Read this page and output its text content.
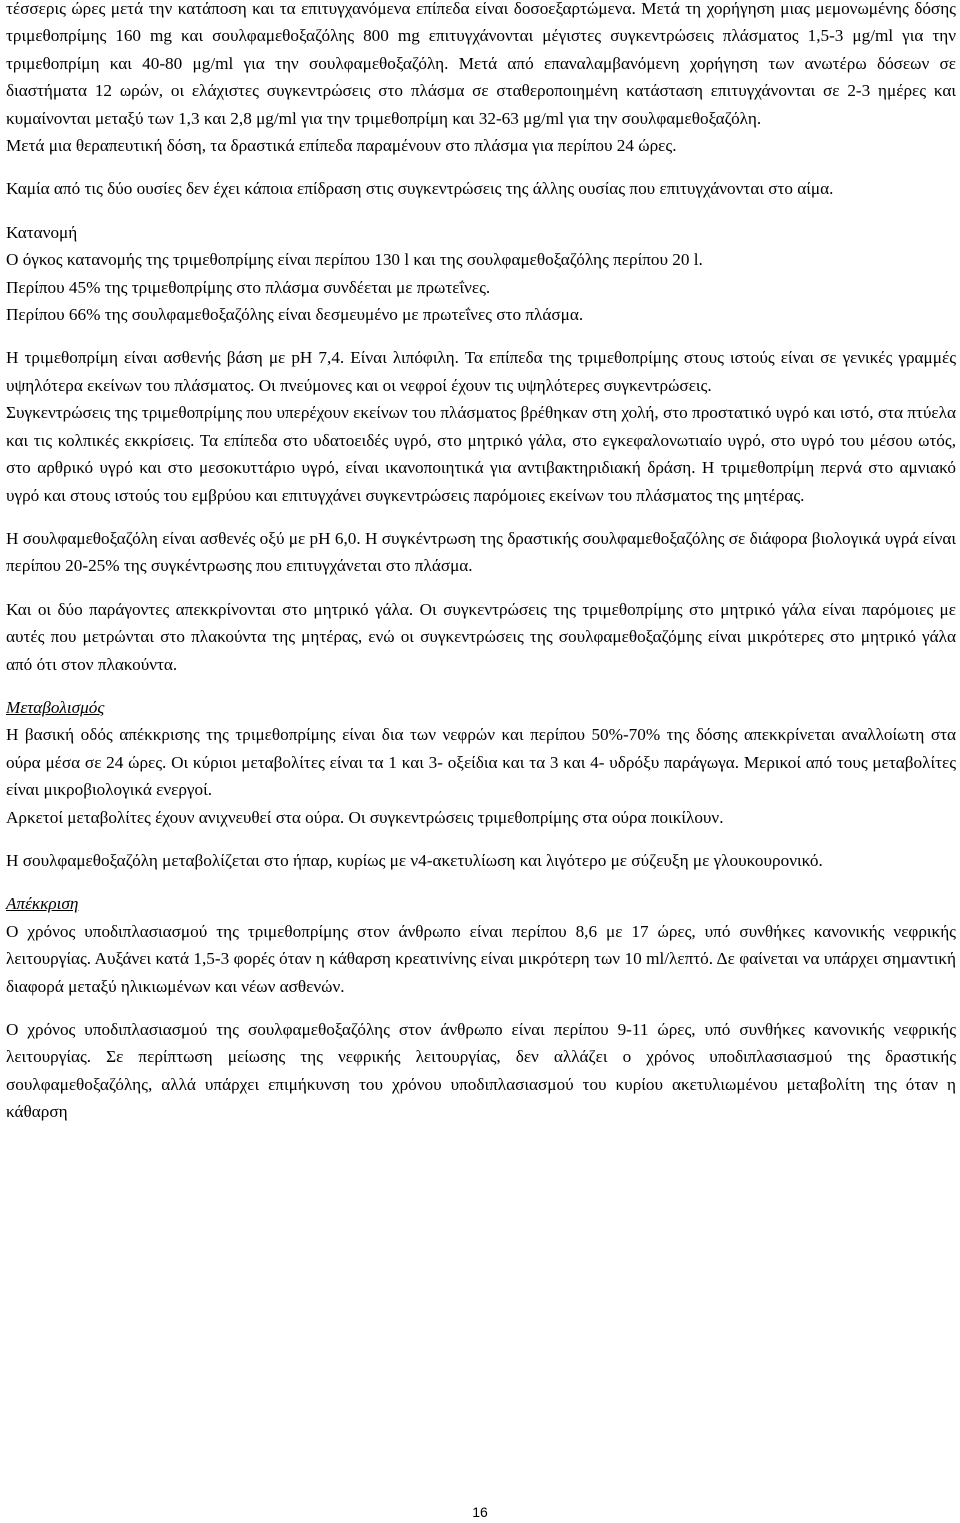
τέσσερις ώρες μετά την κατάποση και τα επιτυγχανόμενα επίπεδα είναι δοσοεξαρτώμενα. Μετά τη χορήγηση μιας μεμονωμένης δόσης τριμεθοπρίμης 160 mg και σουλφαμεθοξαζόλης 800 mg επιτυγχάνονται μέγιστες συγκεντρώσεις πλάσματος 1,5-3 μg/ml για την τριμεθοπρίμη και 40-80 μg/ml για την σουλφαμεθοξαζόλη. Μετά από επαναλαμβανόμενη χορήγηση των ανωτέρω δόσεων σε διαστήματα 12 ωρών, οι ελάχιστες συγκεντρώσεις στο πλάσμα σε σταθεροποιημένη κατάσταση επιτυγχάνονται σε 2-3 ημέρες και κυμαίνονται μεταξύ των 1,3 και 2,8 μg/ml για την τριμεθοπρίμη και 32-63 μg/ml για την σουλφαμεθοξαζόλη.

Μετά μια θεραπευτική δόση, τα δραστικά επίπεδα παραμένουν στο πλάσμα για περίπου 24 ώρες.

Καμία από τις δύο ουσίες δεν έχει κάποια επίδραση στις συγκεντρώσεις της άλλης ουσίας που επιτυγχάνονται στο αίμα.

Κατανομή

Ο όγκος κατανομής της τριμεθοπρίμης είναι περίπου 130 l και της σουλφαμεθοξαζόλης περίπου 20 l.

Περίπου 45% της τριμεθοπρίμης στο πλάσμα συνδέεται με πρωτεΐνες.

Περίπου 66% της σουλφαμεθοξαζόλης είναι δεσμευμένο με πρωτεΐνες στο πλάσμα.

Η τριμεθοπρίμη είναι ασθενής βάση με pH 7,4. Είναι λιπόφιλη. Τα επίπεδα της τριμεθοπρίμης στους ιστούς είναι σε γενικές γραμμές υψηλότερα εκείνων του πλάσματος. Οι πνεύμονες και οι νεφροί έχουν τις υψηλότερες συγκεντρώσεις.

Συγκεντρώσεις της τριμεθοπρίμης που υπερέχουν εκείνων του πλάσματος βρέθηκαν στη χολή, στο προστατικό υγρό και ιστό, στα πτύελα και τις κολπικές εκκρίσεις. Τα επίπεδα στο υδατοειδές υγρό, στο μητρικό γάλα, στο εγκεφαλονωτιαίο υγρό, στο υγρό του μέσου ωτός, στο αρθρικό υγρό και στο μεσοκυττάριο υγρό, είναι ικανοποιητικά για αντιβακτηριδιακή δράση. Η τριμεθοπρίμη περνά στο αμνιακό υγρό και στους ιστούς του εμβρύου και επιτυγχάνει συγκεντρώσεις παρόμοιες εκείνων του πλάσματος της μητέρας.

Η σουλφαμεθοξαζόλη είναι ασθενές οξύ με pH 6,0. Η συγκέντρωση της δραστικής σουλφαμεθοξαζόλης σε διάφορα βιολογικά υγρά είναι περίπου 20-25% της συγκέντρωσης που επιτυγχάνεται στο πλάσμα.

Και οι δύο παράγοντες απεκκρίνονται στο μητρικό γάλα. Οι συγκεντρώσεις της τριμεθοπρίμης στο μητρικό γάλα είναι παρόμοιες με αυτές που μετρώνται στο πλακούντα της μητέρας, ενώ οι συγκεντρώσεις της σουλφαμεθοξαζόμης είναι μικρότερες στο μητρικό γάλα από ότι στον πλακούντα.

Μεταβολισμός

Η βασική οδός απέκκρισης της τριμεθοπρίμης είναι δια των νεφρών και περίπου 50%-70% της δόσης απεκκρίνεται αναλλοίωτη στα ούρα μέσα σε 24 ώρες. Οι κύριοι μεταβολίτες είναι τα 1 και 3- οξείδια και τα 3 και 4- υδρόξυ παράγωγα. Μερικοί από τους μεταβολίτες είναι μικροβιολογικά ενεργοί.

Αρκετοί μεταβολίτες έχουν ανιχνευθεί στα ούρα. Οι συγκεντρώσεις τριμεθοπρίμης στα ούρα ποικίλουν.

Η σουλφαμεθοξαζόλη μεταβολίζεται στο ήπαρ, κυρίως με ν4-ακετυλίωση και λιγότερο με σύζευξη με γλουκουρονικό.

Απέκκριση

Ο χρόνος υποδιπλασιασμού της τριμεθοπρίμης στον άνθρωπο είναι περίπου 8,6 με 17 ώρες, υπό συνθήκες κανονικής νεφρικής λειτουργίας. Αυξάνει κατά 1,5-3 φορές όταν η κάθαρση κρεατινίνης είναι μικρότερη των 10 ml/λεπτό. Δε φαίνεται να υπάρχει σημαντική διαφορά μεταξύ ηλικιωμένων και νέων ασθενών.

Ο χρόνος υποδιπλασιασμού της σουλφαμεθοξαζόλης στον άνθρωπο είναι περίπου 9-11 ώρες, υπό συνθήκες κανονικής νεφρικής λειτουργίας. Σε περίπτωση μείωσης της νεφρικής λειτουργίας, δεν αλλάζει ο χρόνος υποδιπλασιασμού της δραστικής σουλφαμεθοξαζόλης, αλλά υπάρχει επιμήκυνση του χρόνου υποδιπλασιασμού του κυρίου ακετυλιωμένου μεταβολίτη της όταν η κάθαρση

16
